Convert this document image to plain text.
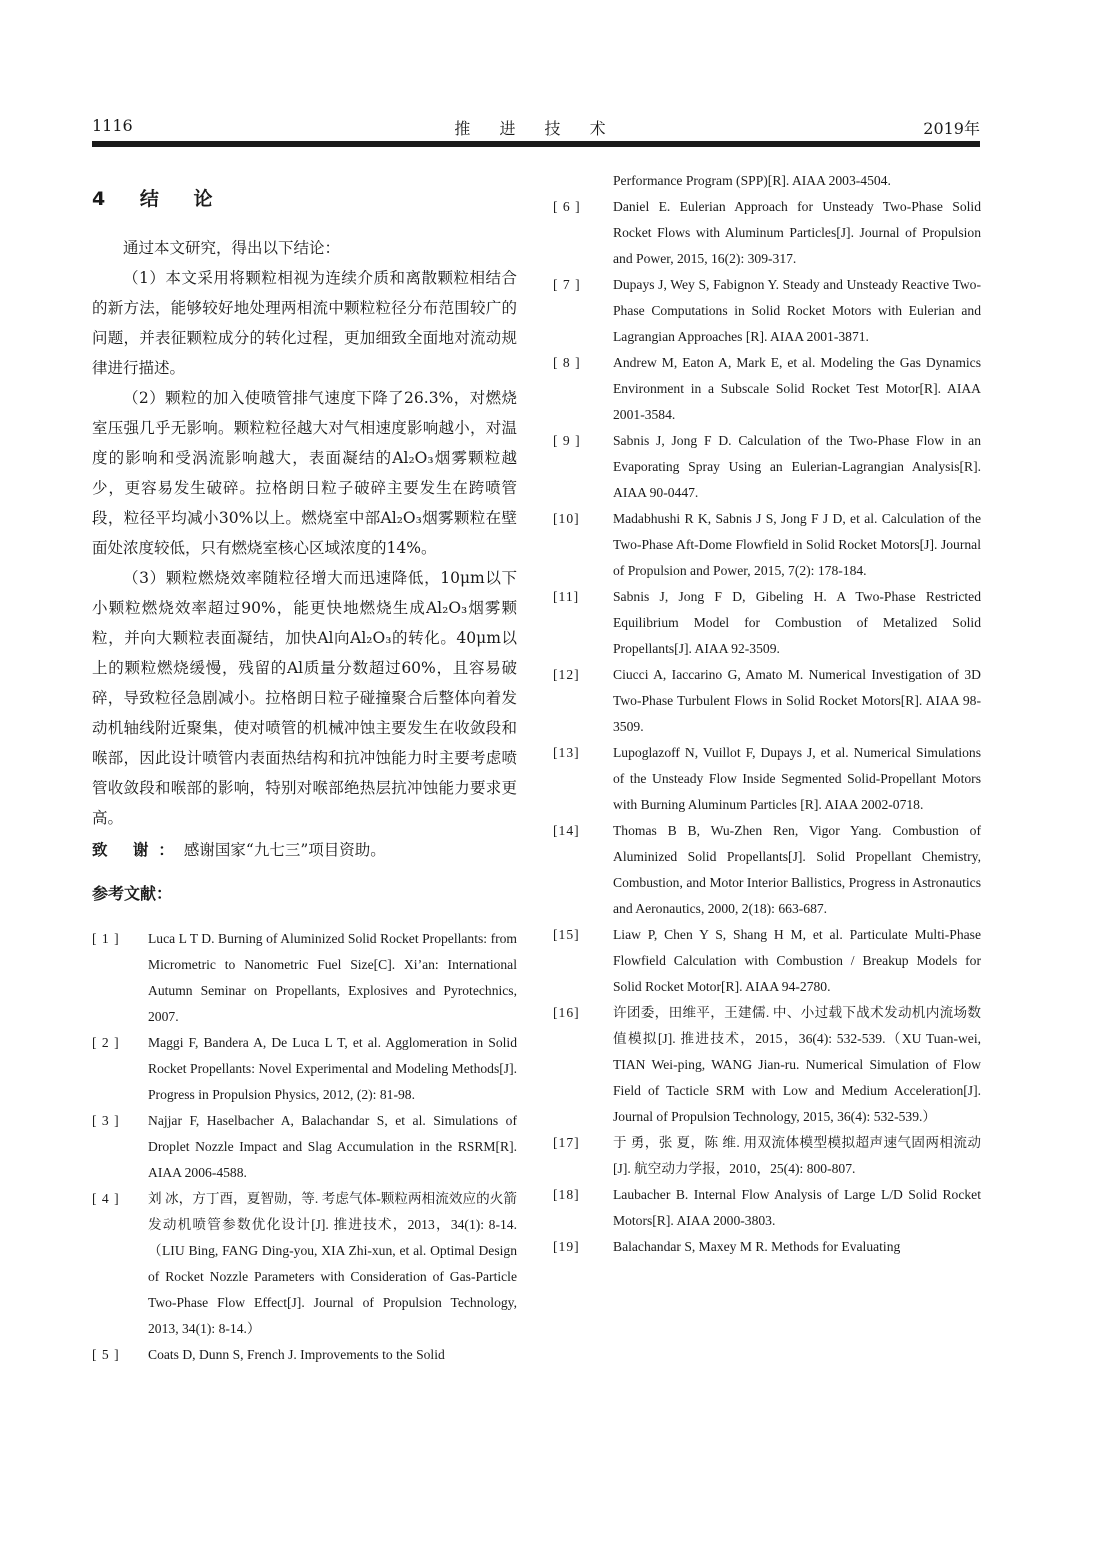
1116	推 进 技 术	2019年
4 结 论

通过本文研究，得出以下结论：

（1）本文采用将颗粒相视为连续介质和离散颗粒相结合的新方法，能够较好地处理两相流中颗粒粒径分布范围较广的问题，并表征颗粒成分的转化过程，更加细致全面地对流动规律进行描述。

（2）颗粒的加入使喷管排气速度下降了26.3%，对燃烧室压强几乎无影响。颗粒粒径越大对气相速度影响越小，对温度的影响和受涡流影响越大，表面凝结的Al₂O₃烟雾颗粒越少，更容易发生破碎。拉格朗日粒子破碎主要发生在跨喷管段，粒径平均减小30%以上。燃烧室中部Al₂O₃烟雾颗粒在壁面处浓度较低，只有燃烧室核心区域浓度的14%。

（3）颗粒燃烧效率随粒径增大而迅速降低，10μm以下小颗粒燃烧效率超过90%，能更快地燃烧生成Al₂O₃烟雾颗粒，并向大颗粒表面凝结，加快Al向Al₂O₃的转化。40μm以上的颗粒燃烧缓慢，残留的Al质量分数超过60%，且容易破碎，导致粒径急剧减小。拉格朗日粒子碰撞聚合后整体向着发动机轴线附近聚集，使对喷管的机械冲蚀主要发生在收敛段和喉部，因此设计喷管内表面热结构和抗冲蚀能力时主要考虑喷管收敛段和喉部的影响，特别对喉部绝热层抗冲蚀能力要求更高。

致 谢：感谢国家“九七三”项目资助。

参考文献：
[ 1 ]	Luca L T D. Burning of Aluminized Solid Rocket Propellants: from Micrometric to Nanometric Fuel Size[C]. Xi’an: International Autumn Seminar on Propellants, Explosives and Pyrotechnics, 2007.
[ 2 ]	Maggi F, Bandera A, De Luca L T, et al. Agglomeration in Solid Rocket Propellants: Novel Experimental and Modeling Methods[J]. Progress in Propulsion Physics, 2012, (2): 81-98.
[ 3 ]	Najjar F, Haselbacher A, Balachandar S, et al. Simulations of Droplet Nozzle Impact and Slag Accumulation in the RSRM[R]. AIAA 2006-4588.
[ 4 ]	刘 冰，方丁酉，夏智勋，等. 考虑气体-颗粒两相流效应的火箭发动机喷管参数优化设计[J]. 推进技术，2013，34(1): 8-14.（LIU Bing, FANG Ding-you, XIA Zhi-xun, et al. Optimal Design of Rocket Nozzle Parameters with Consideration of Gas-Particle Two-Phase Flow Effect[J]. Journal of Propulsion Technology, 2013, 34(1): 8-14.）
[ 5 ]	Coats D, Dunn S, French J. Improvements to the Solid
Performance Program (SPP)[R]. AIAA 2003-4504.
[ 6 ]	Daniel E. Eulerian Approach for Unsteady Two-Phase Solid Rocket Flows with Aluminum Particles[J]. Journal of Propulsion and Power, 2015, 16(2): 309-317.
[ 7 ]	Dupays J, Wey S, Fabignon Y. Steady and Unsteady Reactive Two-Phase Computations in Solid Rocket Motors with Eulerian and Lagrangian Approaches [R]. AIAA 2001-3871.
[ 8 ]	Andrew M, Eaton A, Mark E, et al. Modeling the Gas Dynamics Environment in a Subscale Solid Rocket Test Motor[R]. AIAA 2001-3584.
[ 9 ]	Sabnis J, Jong F D. Calculation of the Two-Phase Flow in an Evaporating Spray Using an Eulerian-Lagrangian Analysis[R]. AIAA 90-0447.
[10]	Madabhushi R K, Sabnis J S, Jong F J D, et al. Calculation of the Two-Phase Aft-Dome Flowfield in Solid Rocket Motors[J]. Journal of Propulsion and Power, 2015, 7(2): 178-184.
[11]	Sabnis J, Jong F D, Gibeling H. A Two-Phase Restricted Equilibrium Model for Combustion of Metalized Solid Propellants[J]. AIAA 92-3509.
[12]	Ciucci A, Iaccarino G, Amato M. Numerical Investigation of 3D Two-Phase Turbulent Flows in Solid Rocket Motors[R]. AIAA 98-3509.
[13]	Lupoglazoff N, Vuillot F, Dupays J, et al. Numerical Simulations of the Unsteady Flow Inside Segmented Solid-Propellant Motors with Burning Aluminum Particles [R]. AIAA 2002-0718.
[14]	Thomas B B, Wu-Zhen Ren, Vigor Yang. Combustion of Aluminized Solid Propellants[J]. Solid Propellant Chemistry, Combustion, and Motor Interior Ballistics, Progress in Astronautics and Aeronautics, 2000, 2(18): 663-687.
[15]	Liaw P, Chen Y S, Shang H M, et al. Particulate Multi-Phase Flowfield Calculation with Combustion / Breakup Models for Solid Rocket Motor[R]. AIAA 94-2780.
[16]	许团委，田维平，王建儒. 中、小过载下战术发动机内流场数值模拟[J]. 推进技术，2015，36(4): 532-539.（XU Tuan-wei, TIAN Wei-ping, WANG Jian-ru. Numerical Simulation of Flow Field of Tacticle SRM with Low and Medium Acceleration[J]. Journal of Propulsion Technology, 2015, 36(4): 532-539.）
[17]	于 勇，张 夏，陈 维. 用双流体模型模拟超声速气固两相流动[J]. 航空动力学报，2010，25(4): 800-807.
[18]	Laubacher B. Internal Flow Analysis of Large L/D Solid Rocket Motors[R]. AIAA 2000-3803.
[19]	Balachandar S, Maxey M R. Methods for Evaluating
